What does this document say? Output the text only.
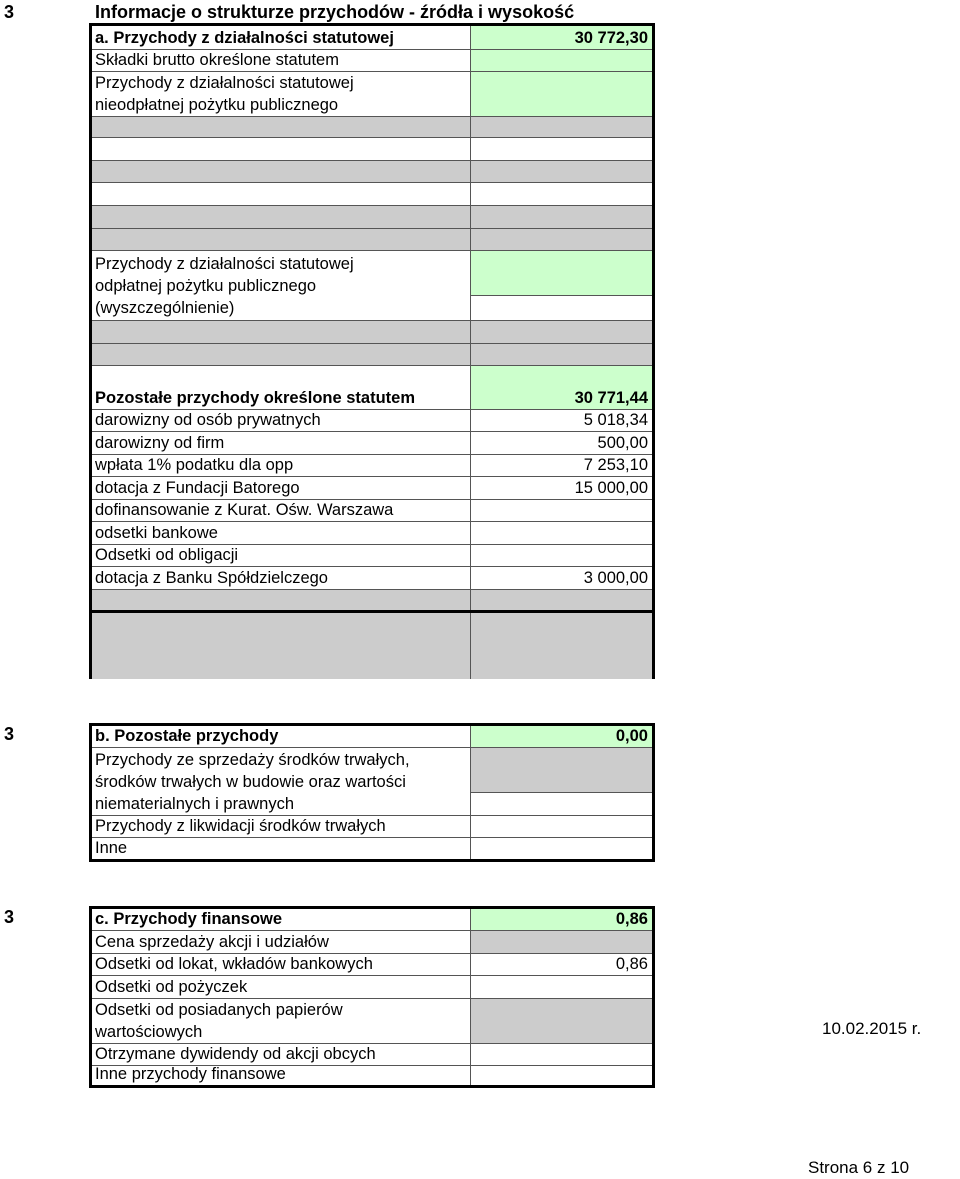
3	Informacje o strukturze przychodów - źródła i wysokość
a. Przychody z działalności statutowej	30 772,30
Składki brutto określone statutem
Przychody z działalności statutowej
nieodpłatnej pożytku publicznego
Przychody z działalności statutowej
odpłatnej pożytku publicznego
(wyszczególnienie)
Pozostałe przychody określone statutem	30 771,44
darowizny od osób prywatnych	5 018,34
darowizny od firm	500,00
wpłata 1% podatku dla opp	7 253,10
dotacja z Fundacji Batorego	15 000,00
dofinansowanie z Kurat. Ośw. Warszawa
odsetki bankowe
Odsetki od obligacji
dotacja z Banku Spółdzielczego	3 000,00
3	b. Pozostałe przychody	0,00
Przychody ze sprzedaży środków trwałych,
środków trwałych w budowie oraz wartości
niematerialnych i prawnych
Przychody z likwidacji środków trwałych
Inne
3	c. Przychody finansowe	0,86
Cena sprzedaży akcji i udziałów
Odsetki od lokat, wkładów bankowych	0,86
Odsetki od pożyczek
Odsetki od posiadanych papierów
wartościowych
Otrzymane dywidendy od akcji obcych
Inne przychody finansowe
10.02.2015 r.
Strona 6 z 10
